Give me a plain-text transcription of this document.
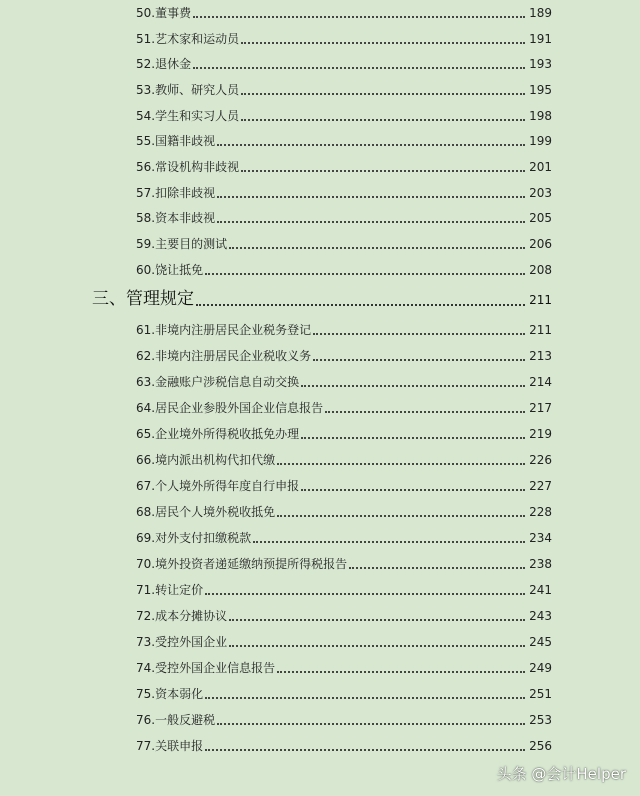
50.董事费	189
51.艺术家和运动员	191
52.退休金	193
53.教师、研究人员	195
54.学生和实习人员	198
55.国籍非歧视	199
56.常设机构非歧视	201
57.扣除非歧视	203
58.资本非歧视	205
59.主要目的测试	206
60.饶让抵免	208
三、管理规定	211
61.非境内注册居民企业税务登记	211
62.非境内注册居民企业税收义务	213
63.金融账户涉税信息自动交换	214
64.居民企业参股外国企业信息报告	217
65.企业境外所得税收抵免办理	219
66.境内派出机构代扣代缴	226
67.个人境外所得年度自行申报	227
68.居民个人境外税收抵免	228
69.对外支付扣缴税款	234
70.境外投资者递延缴纳预提所得税报告	238
71.转让定价	241
72.成本分摊协议	243
73.受控外国企业	245
74.受控外国企业信息报告	249
75.资本弱化	251
76.一般反避税	253
77.关联申报	256
头条 @会计Helper
